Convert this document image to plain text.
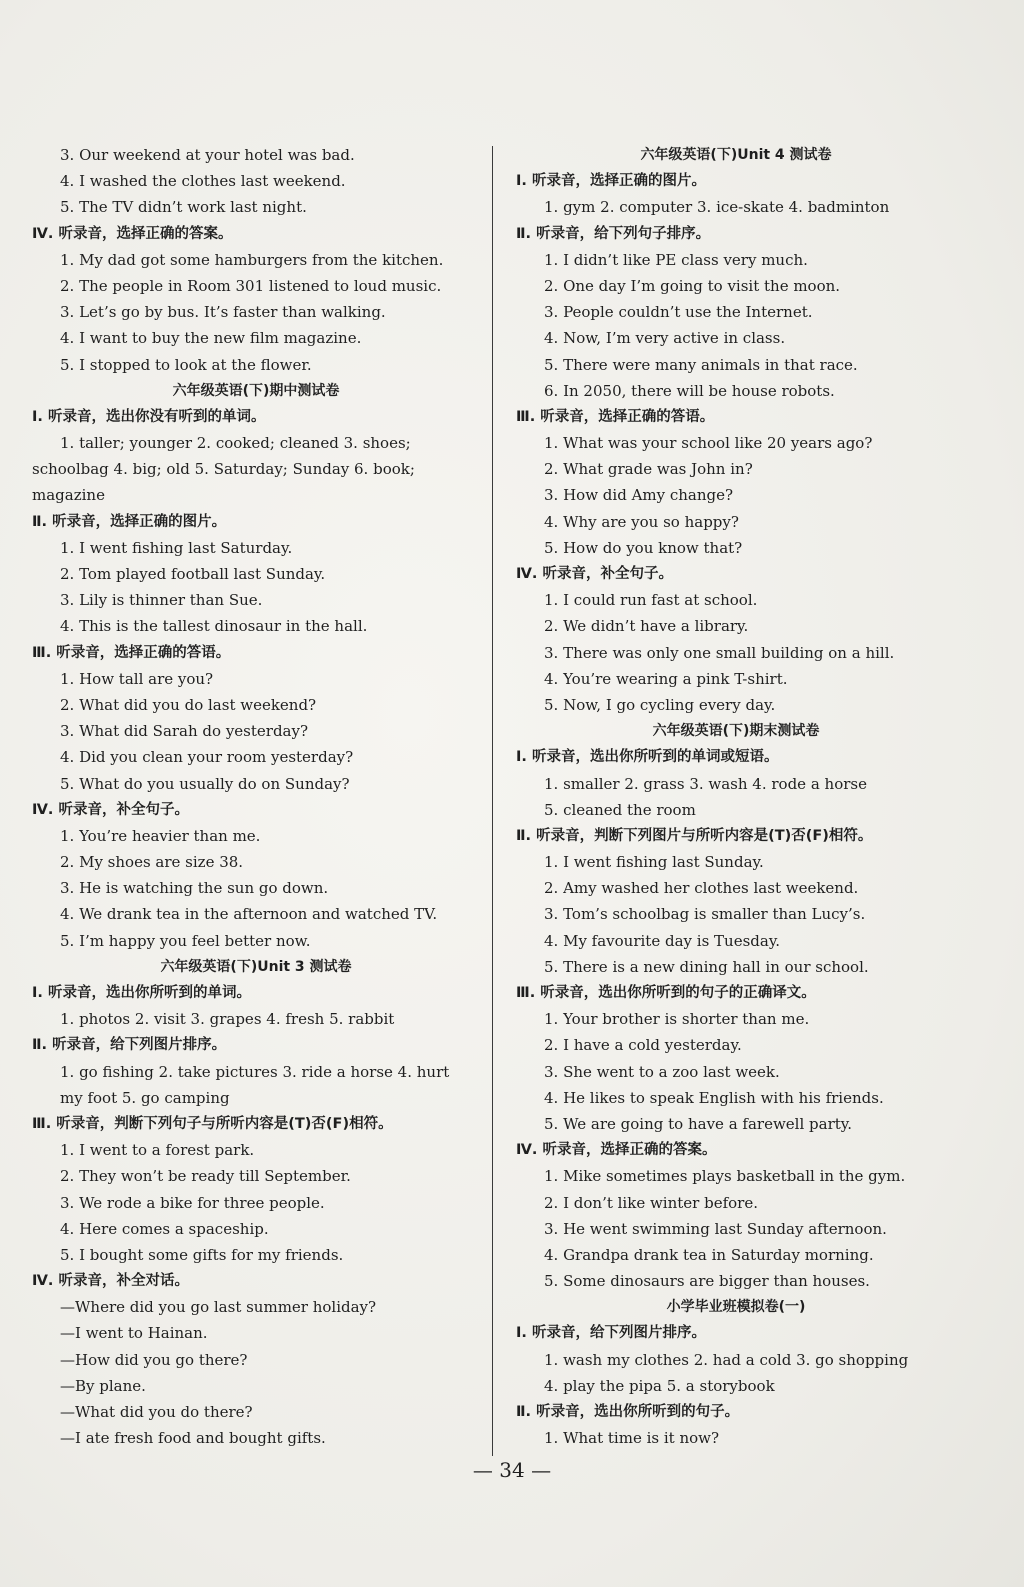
3. Our weekend at your hotel was bad.
4. I washed the clothes last weekend.
5. The TV didn’t work last night.
Ⅳ. 听录音，选择正确的答案。
1. My dad got some hamburgers from the kitchen.
2. The people in Room 301 listened to loud music.
3. Let’s go by bus. It’s faster than walking.
4. I want to buy the new film magazine.
5. I stopped to look at the flower.
六年级英语(下)期中测试卷
Ⅰ. 听录音，选出你没有听到的单词。
1. taller; younger 2. cooked; cleaned 3. shoes;
schoolbag 4. big; old 5. Saturday; Sunday 6. book;
magazine
Ⅱ. 听录音，选择正确的图片。
1. I went fishing last Saturday.
2. Tom played football last Sunday.
3. Lily is thinner than Sue.
4. This is the tallest dinosaur in the hall.
Ⅲ. 听录音，选择正确的答语。
1. How tall are you?
2. What did you do last weekend?
3. What did Sarah do yesterday?
4. Did you clean your room yesterday?
5. What do you usually do on Sunday?
Ⅳ. 听录音，补全句子。
1. You’re heavier than me.
2. My shoes are size 38.
3. He is watching the sun go down.
4. We drank tea in the afternoon and watched TV.
5. I’m happy you feel better now.
六年级英语(下)Unit 3 测试卷
Ⅰ. 听录音，选出你所听到的单词。
1. photos 2. visit 3. grapes 4. fresh 5. rabbit
Ⅱ. 听录音，给下列图片排序。
1. go fishing 2. take pictures 3. ride a horse 4. hurt
my foot 5. go camping
Ⅲ. 听录音，判断下列句子与所听内容是(T)否(F)相符。
1. I went to a forest park.
2. They won’t be ready till September.
3. We rode a bike for three people.
4. Here comes a spaceship.
5. I bought some gifts for my friends.
Ⅳ. 听录音，补全对话。
—Where did you go last summer holiday?
—I went to Hainan.
—How did you go there?
—By plane.
—What did you do there?
—I ate fresh food and bought gifts.
六年级英语(下)Unit 4 测试卷
Ⅰ. 听录音，选择正确的图片。
1. gym 2. computer 3. ice-skate 4. badminton
Ⅱ. 听录音，给下列句子排序。
1. I didn’t like PE class very much.
2. One day I’m going to visit the moon.
3. People couldn’t use the Internet.
4. Now, I’m very active in class.
5. There were many animals in that race.
6. In 2050, there will be house robots.
Ⅲ. 听录音，选择正确的答语。
1. What was your school like 20 years ago?
2. What grade was John in?
3. How did Amy change?
4. Why are you so happy?
5. How do you know that?
Ⅳ. 听录音，补全句子。
1. I could run fast at school.
2. We didn’t have a library.
3. There was only one small building on a hill.
4. You’re wearing a pink T-shirt.
5. Now, I go cycling every day.
六年级英语(下)期末测试卷
Ⅰ. 听录音，选出你所听到的单词或短语。
1. smaller 2. grass 3. wash 4. rode a horse
5. cleaned the room
Ⅱ. 听录音，判断下列图片与所听内容是(T)否(F)相符。
1. I went fishing last Sunday.
2. Amy washed her clothes last weekend.
3. Tom’s schoolbag is smaller than Lucy’s.
4. My favourite day is Tuesday.
5. There is a new dining hall in our school.
Ⅲ. 听录音，选出你所听到的句子的正确译文。
1. Your brother is shorter than me.
2. I have a cold yesterday.
3. She went to a zoo last week.
4. He likes to speak English with his friends.
5. We are going to have a farewell party.
Ⅳ. 听录音，选择正确的答案。
1. Mike sometimes plays basketball in the gym.
2. I don’t like winter before.
3. He went swimming last Sunday afternoon.
4. Grandpa drank tea in Saturday morning.
5. Some dinosaurs are bigger than houses.
小学毕业班模拟卷(一)
Ⅰ. 听录音，给下列图片排序。
1. wash my clothes 2. had a cold 3. go shopping
4. play the pipa 5. a storybook
Ⅱ. 听录音，选出你所听到的句子。
1. What time is it now?
— 34 —
